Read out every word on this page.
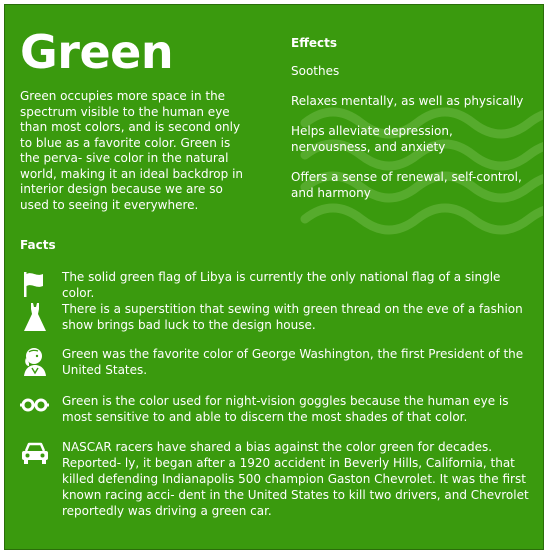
Green

Green occupies more space in the spectrum visible to the human eye than most colors, and is second only to blue as a favorite color. Green is the perva- sive color in the natural world, making it an ideal backdrop in interior design because we are so used to seeing it everywhere.

Effects
Soothes
Relaxes mentally, as well as physically
Helps alleviate depression, nervousness, and anxiety
Offers a sense of renewal, self-control, and harmony
Facts

The solid green flag of Libya is currently the only national flag of a single color.

There is a superstition that sewing with green thread on the eve of a fashion show brings bad luck to the design house.

Green was the favorite color of George Washington, the first President of the United States.

Green is the color used for night-vision goggles because the human eye is most sensitive to and able to discern the most shades of that color.

NASCAR racers have shared a bias against the color green for decades. Reported- ly, it began after a 1920 accident in Beverly Hills, California, that killed defending Indianapolis 500 champion Gaston Chevrolet. It was the first known racing acci- dent in the United States to kill two drivers, and Chevrolet reportedly was driving a green car.
